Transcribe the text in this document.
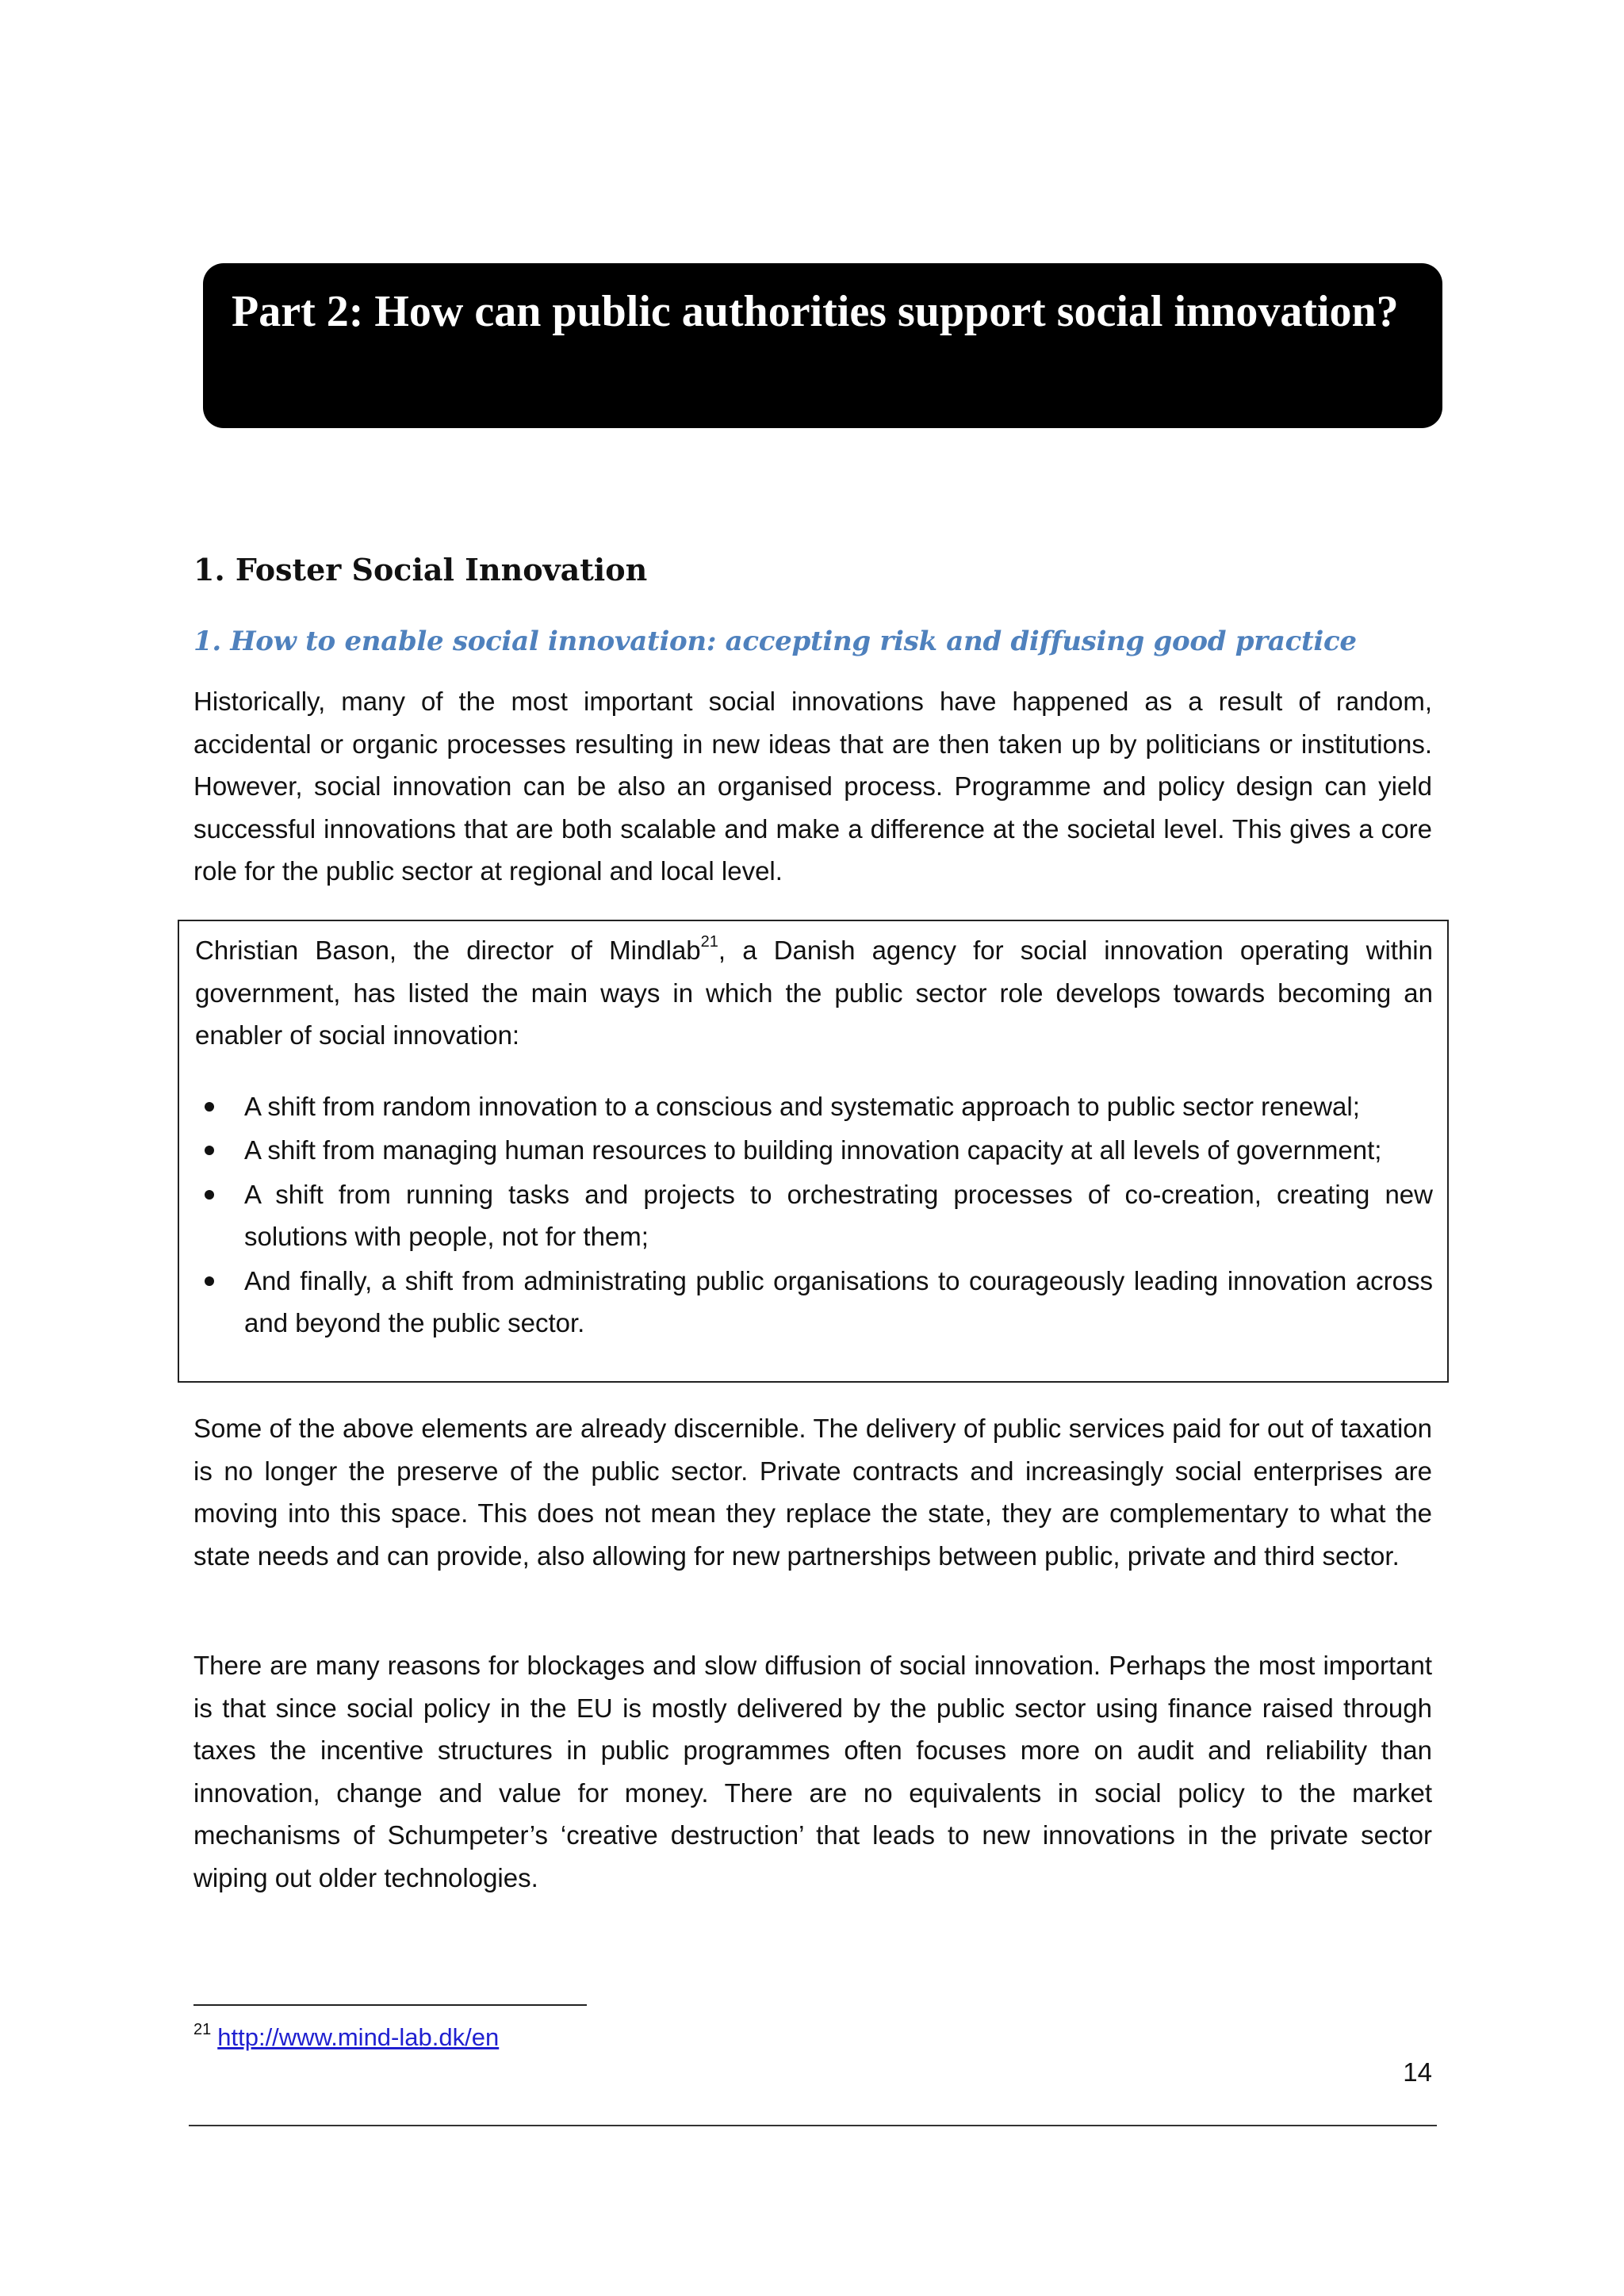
Part 2: How can public authorities support social innovation?
1. Foster Social Innovation
1. How to enable social innovation: accepting risk and diffusing good practice

Historically, many of the most important social innovations have happened as a result of random, accidental or organic processes resulting in new ideas that are then taken up by politicians or institutions. However, social innovation can be also an organised process. Programme and policy design can yield successful innovations that are both scalable and make a difference at the societal level. This gives a core role for the public sector at regional and local level.

Christian Bason, the director of Mindlab$^{21}$, a Danish agency for social innovation operating within government, has listed the main ways in which the public sector role develops towards becoming an enabler of social innovation:

A shift from random innovation to a conscious and systematic approach to public sector renewal;
A shift from managing human resources to building innovation capacity at all levels of government;
A shift from running tasks and projects to orchestrating processes of co-creation, creating new solutions with people, not for them;
And finally, a shift from administrating public organisations to courageously leading innovation across and beyond the public sector.

Some of the above elements are already discernible. The delivery of public services paid for out of taxation is no longer the preserve of the public sector. Private contracts and increasingly social enterprises are moving into this space. This does not mean they replace the state, they are complementary to what the state needs and can provide, also allowing for new partnerships between public, private and third sector.

There are many reasons for blockages and slow diffusion of social innovation. Perhaps the most important is that since social policy in the EU is mostly delivered by the public sector using finance raised through taxes the incentive structures in public programmes often focuses more on audit and reliability than innovation, change and value for money. There are no equivalents in social policy to the market mechanisms of Schumpeter’s ‘creative destruction’ that leads to new innovations in the private sector wiping out older technologies.

$^{21}$ http://www.mind-lab.dk/en

14
